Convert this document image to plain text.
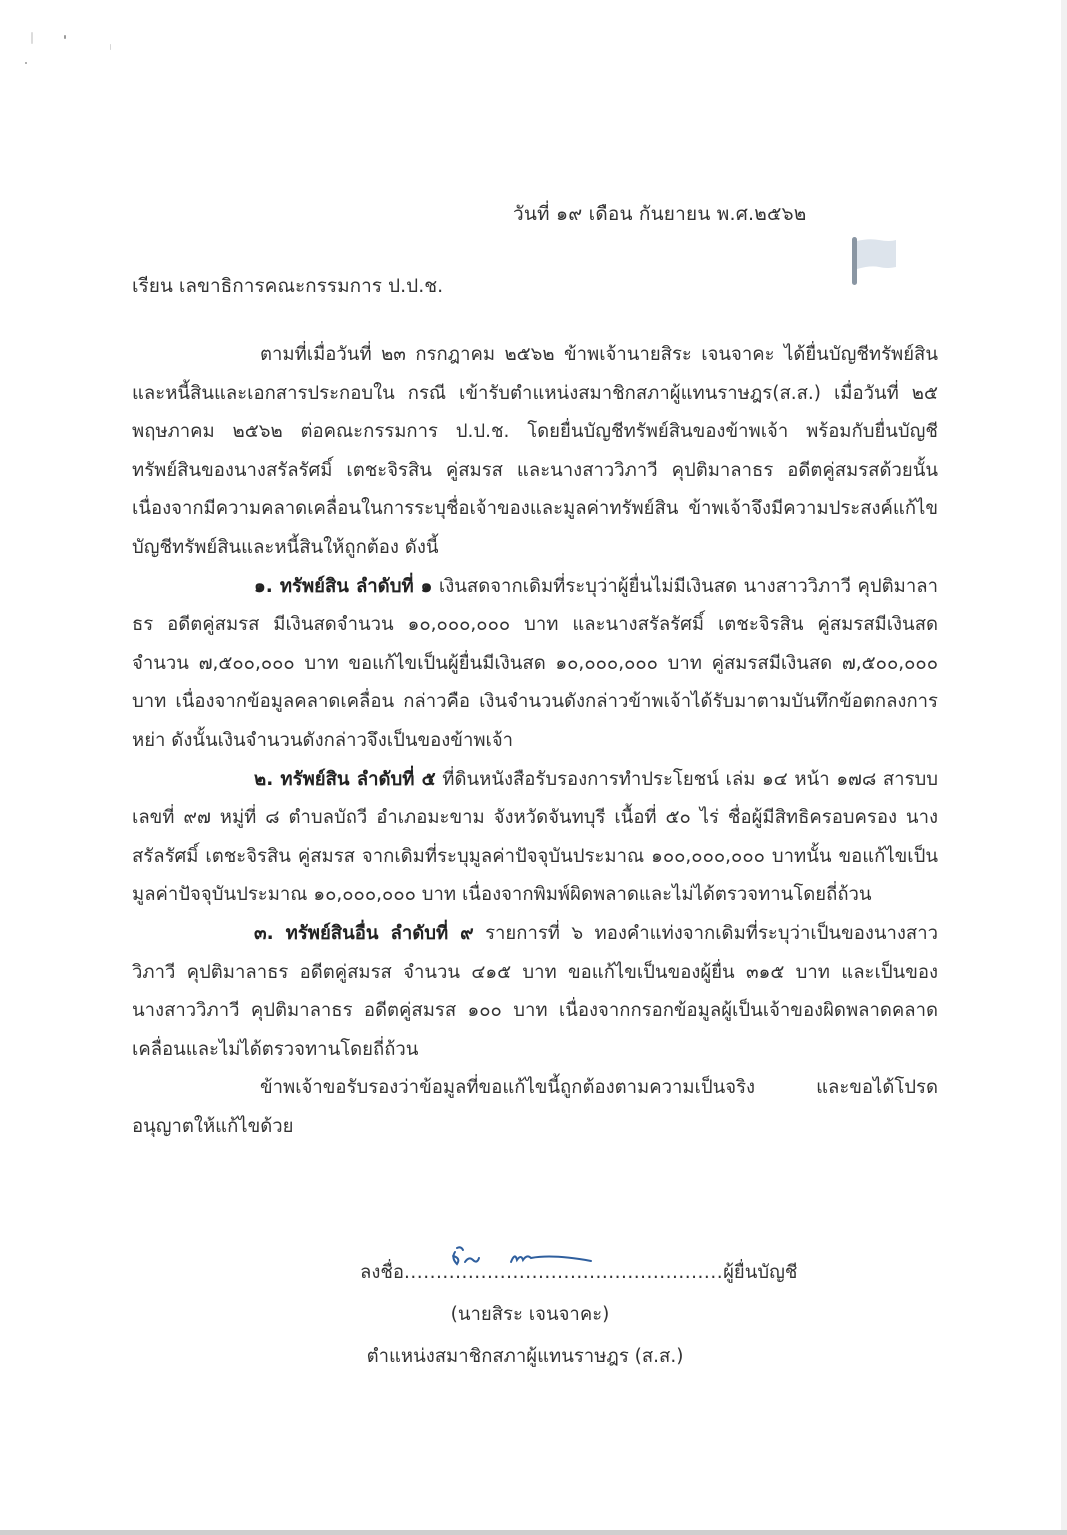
วันที่ ๑๙ เดือน กันยายน พ.ศ.๒๕๖๒
เรียน เลขาธิการคณะกรรมการ ป.ป.ช.

ตามที่เมื่อวันที่ ๒๓ กรกฎาคม ๒๕๖๒ ข้าพเจ้านายสิระ เจนจาคะ ได้ยื่นบัญชีทรัพย์สินและหนี้สินและเอกสารประกอบใน กรณี เข้ารับตำแหน่งสมาชิกสภาผู้แทนราษฎร(ส.ส.) เมื่อวันที่ ๒๕ พฤษภาคม ๒๕๖๒ ต่อคณะกรรมการ ป.ป.ช. โดยยื่นบัญชีทรัพย์สินของข้าพเจ้า พร้อมกับยื่นบัญชีทรัพย์สินของนางสรัลรัศมิ์ เตชะจิรสิน คู่สมรส และนางสาววิภาวี คุปติมาลาธร อดีตคู่สมรสด้วยนั้น เนื่องจากมีความคลาดเคลื่อนในการระบุชื่อเจ้าของและมูลค่าทรัพย์สิน ข้าพเจ้าจึงมีความประสงค์แก้ไขบัญชีทรัพย์สินและหนี้สินให้ถูกต้อง ดังนี้

๑. ทรัพย์สิน ลำดับที่ ๑ เงินสดจากเดิมที่ระบุว่าผู้ยื่นไม่มีเงินสด นางสาววิภาวี คุปติมาลาธร อดีตคู่สมรส มีเงินสดจำนวน ๑๐,๐๐๐,๐๐๐ บาท และนางสรัลรัศมิ์ เตชะจิรสิน คู่สมรสมีเงินสดจำนวน ๗,๕๐๐,๐๐๐ บาท ขอแก้ไขเป็นผู้ยื่นมีเงินสด ๑๐,๐๐๐,๐๐๐ บาท คู่สมรสมีเงินสด ๗,๕๐๐,๐๐๐ บาท เนื่องจากข้อมูลคลาดเคลื่อน กล่าวคือ เงินจำนวนดังกล่าวข้าพเจ้าได้รับมาตามบันทึกข้อตกลงการหย่า ดังนั้นเงินจำนวนดังกล่าวจึงเป็นของข้าพเจ้า

๒. ทรัพย์สิน ลำดับที่ ๕ ที่ดินหนังสือรับรองการทำประโยชน์ เล่ม ๑๔ หน้า ๑๗๘ สารบบเลขที่ ๙๗ หมู่ที่ ๘ ตำบลบัถวี อำเภอมะขาม จังหวัดจันทบุรี เนื้อที่ ๕๐ ไร่ ชื่อผู้มีสิทธิครอบครอง นางสรัลรัศมิ์ เตชะจิรสิน คู่สมรส จากเดิมที่ระบุมูลค่าปัจจุบันประมาณ ๑๐๐,๐๐๐,๐๐๐ บาทนั้น ขอแก้ไขเป็นมูลค่าปัจจุบันประมาณ ๑๐,๐๐๐,๐๐๐ บาท เนื่องจากพิมพ์ผิดพลาดและไม่ได้ตรวจทานโดยถี่ถ้วน

๓. ทรัพย์สินอื่น ลำดับที่ ๙ รายการที่ ๖ ทองคำแท่งจากเดิมที่ระบุว่าเป็นของนางสาววิภาวี คุปติมาลาธร อดีตคู่สมรส จำนวน ๔๑๕ บาท ขอแก้ไขเป็นของผู้ยื่น ๓๑๕ บาท และเป็นของนางสาววิภาวี คุปติมาลาธร อดีตคู่สมรส ๑๐๐ บาท เนื่องจากกรอกข้อมูลผู้เป็นเจ้าของผิดพลาดคลาดเคลื่อนและไม่ได้ตรวจทานโดยถี่ถ้วน

ข้าพเจ้าขอรับรองว่าข้อมูลที่ขอแก้ไขนี้ถูกต้องตามความเป็นจริง และขอได้โปรดอนุญาตให้แก้ไขด้วย

ลงชื่อ..................................................ผู้ยื่นบัญชี
(นายสิระ เจนจาคะ)
ตำแหน่งสมาชิกสภาผู้แทนราษฎร (ส.ส.)
